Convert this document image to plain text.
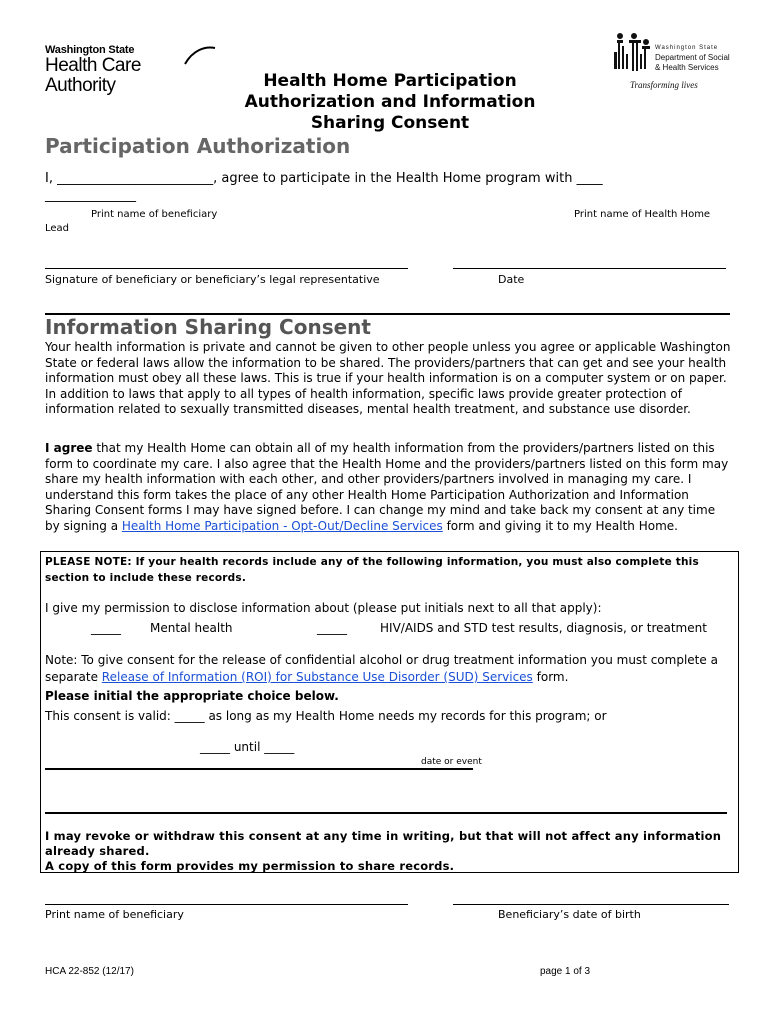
Washington State
Health Care Authority
Washington State
Department of Social
& Health Services
Transforming lives
Health Home Participation
Authorization and Information
Sharing Consent
Participation Authorization
I, ________________________, agree to participate in the Health Home program with ____
______________
Print name of beneficiary	Print name of Health Home
Lead
Signature of beneficiary or beneficiary’s legal representative	Date
Information Sharing Consent
Your health information is private and cannot be given to other people unless you agree or applicable Washington State or federal laws allow the information to be shared. The providers/partners that can get and see your health information must obey all these laws. This is true if your health information is on a computer system or on paper. In addition to laws that apply to all types of health information, specific laws provide greater protection of information related to sexually transmitted diseases, mental health treatment, and substance use disorder.
I agree that my Health Home can obtain all of my health information from the providers/partners listed on this form to coordinate my care. I also agree that the Health Home and the providers/partners listed on this form may share my health information with each other, and other providers/partners involved in managing my care. I understand this form takes the place of any other Health Home Participation Authorization and Information Sharing Consent forms I may have signed before. I can change my mind and take back my consent at any time by signing a Health Home Participation - Opt-Out/Decline Services form and giving it to my Health Home.
PLEASE NOTE: If your health records include any of the following information, you must also complete this section to include these records.
I give my permission to disclose information about (please put initials next to all that apply):
_____ Mental health	_____	HIV/AIDS and STD test results, diagnosis, or treatment
Note: To give consent for the release of confidential alcohol or drug treatment information you must complete a separate Release of Information (ROI) for Substance Use Disorder (SUD) Services form.
Please initial the appropriate choice below.
This consent is valid: _____ as long as my Health Home needs my records for this program; or
_____ until _____
date or event
I may revoke or withdraw this consent at any time in writing, but that will not affect any information already shared.
A copy of this form provides my permission to share records.
Print name of beneficiary	Beneficiary’s date of birth
HCA 22-852 (12/17)	page 1 of 3
